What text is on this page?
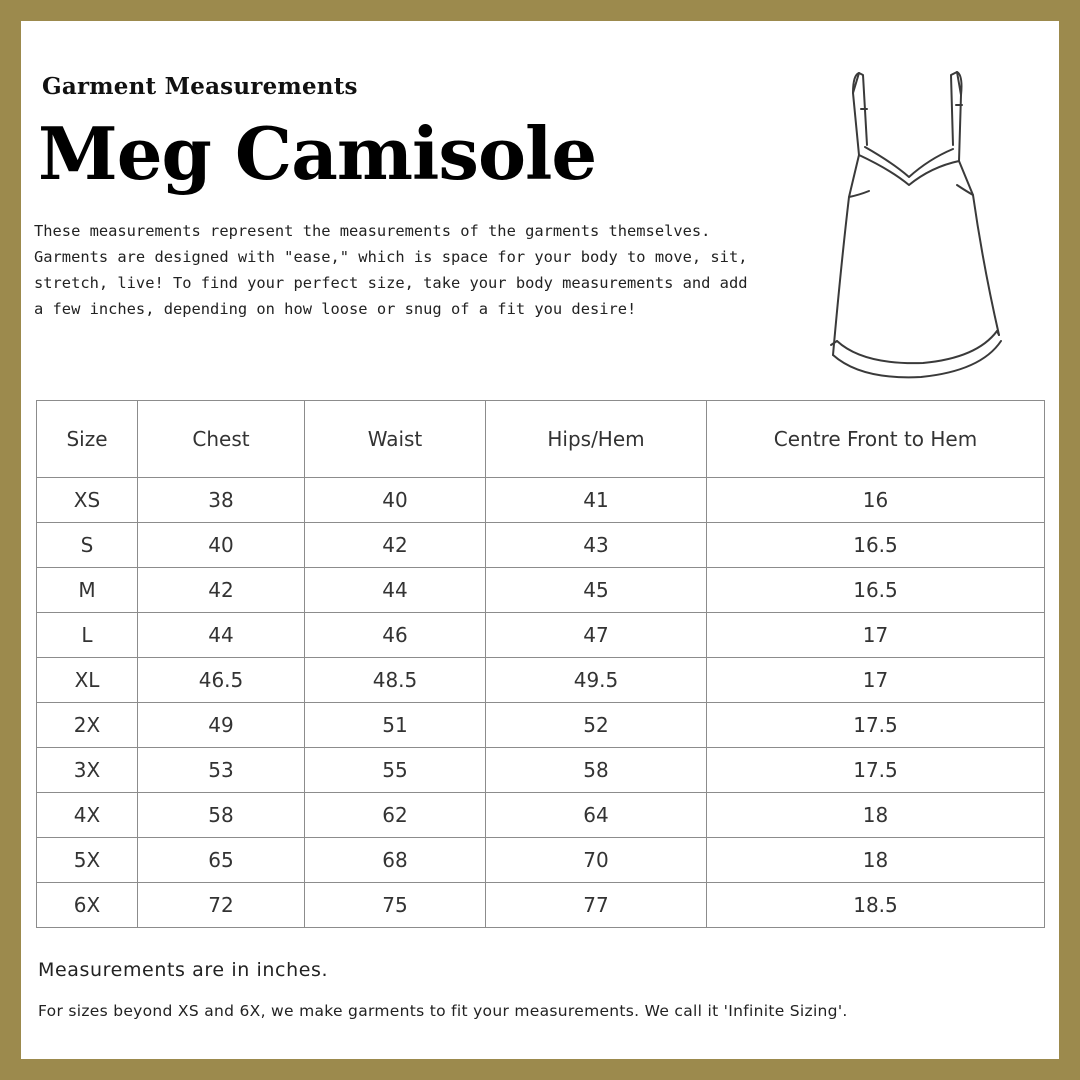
Garment Measurements
Meg Camisole
These measurements represent the measurements of the garments themselves. Garments are designed with "ease," which is space for your body to move, sit, stretch, live! To find your perfect size, take your body measurements and add a few inches, depending on how loose or snug of a fit you desire!
Size	Chest	Waist	Hips/Hem	Centre Front to Hem
XS	38	40	41	16
S	40	42	43	16.5
M	42	44	45	16.5
L	44	46	47	17
XL	46.5	48.5	49.5	17
2X	49	51	52	17.5
3X	53	55	58	17.5
4X	58	62	64	18
5X	65	68	70	18
6X	72	75	77	18.5
Measurements are in inches.
For sizes beyond XS and 6X, we make garments to fit your measurements. We call it 'Infinite Sizing'.
